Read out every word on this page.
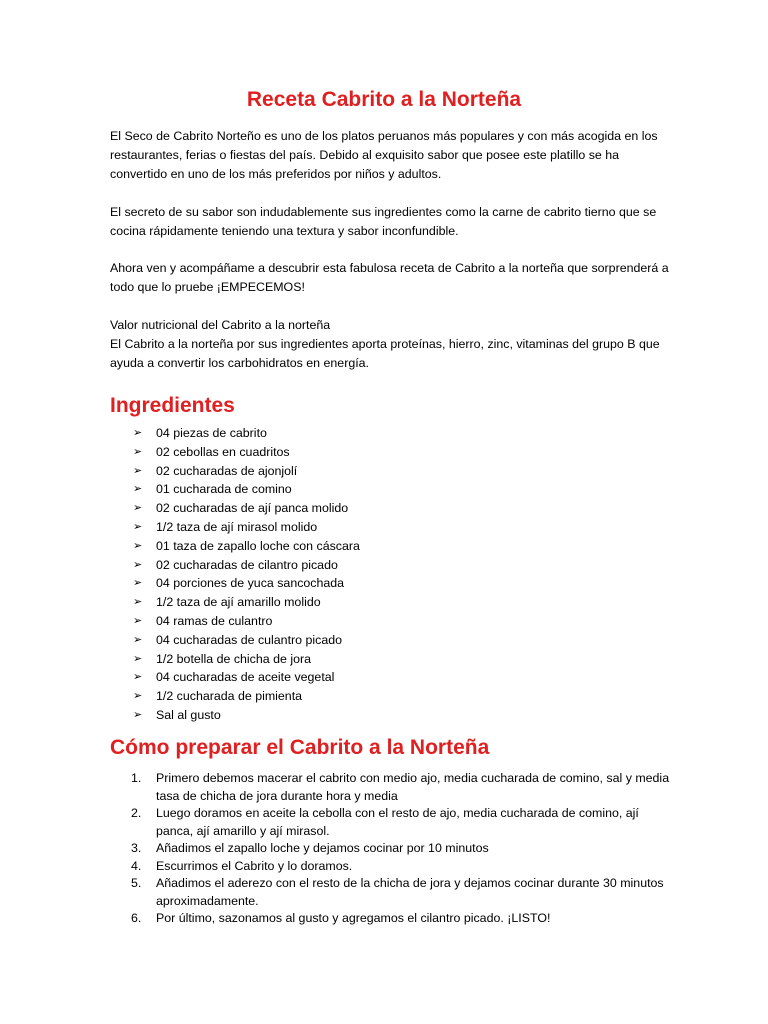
Receta Cabrito a la Norteña

El Seco de Cabrito Norteño es uno de los platos peruanos más populares y con más acogida en los restaurantes, ferias o fiestas del país. Debido al exquisito sabor que posee este platillo se ha convertido en uno de los más preferidos por niños y adultos.

El secreto de su sabor son indudablemente sus ingredientes como la carne de cabrito tierno que se cocina rápidamente teniendo una textura y sabor inconfundible.

Ahora ven y acompáñame a descubrir esta fabulosa receta de Cabrito a la norteña que sorprenderá a todo que lo pruebe ¡EMPECEMOS!

Valor nutricional del Cabrito a la norteña

El Cabrito a la norteña por sus ingredientes aporta proteínas, hierro, zinc, vitaminas del grupo B que ayuda a convertir los carbohidratos en energía.

Ingredientes
➢ 04 piezas de cabrito
➢ 02 cebollas en cuadritos
➢ 02 cucharadas de ajonjolí
➢ 01 cucharada de comino
➢ 02 cucharadas de ají panca molido
➢ 1/2 taza de ají mirasol molido
➢ 01 taza de zapallo loche con cáscara
➢ 02 cucharadas de cilantro picado
➢ 04 porciones de yuca sancochada
➢ 1/2 taza de ají amarillo molido
➢ 04 ramas de culantro
➢ 04 cucharadas de culantro picado
➢ 1/2 botella de chicha de jora
➢ 04 cucharadas de aceite vegetal
➢ 1/2 cucharada de pimienta
➢ Sal al gusto
Cómo preparar el Cabrito a la Norteña
1. Primero debemos macerar el cabrito con medio ajo, media cucharada de comino, sal y media tasa de chicha de jora durante hora y media
2. Luego doramos en aceite la cebolla con el resto de ajo, media cucharada de comino, ají panca, ají amarillo y ají mirasol.
3. Añadimos el zapallo loche y dejamos cocinar por 10 minutos
4. Escurrimos el Cabrito y lo doramos.
5. Añadimos el aderezo con el resto de la chicha de jora y dejamos cocinar durante 30 minutos aproximadamente.
6. Por último, sazonamos al gusto y agregamos el cilantro picado. ¡LISTO!
